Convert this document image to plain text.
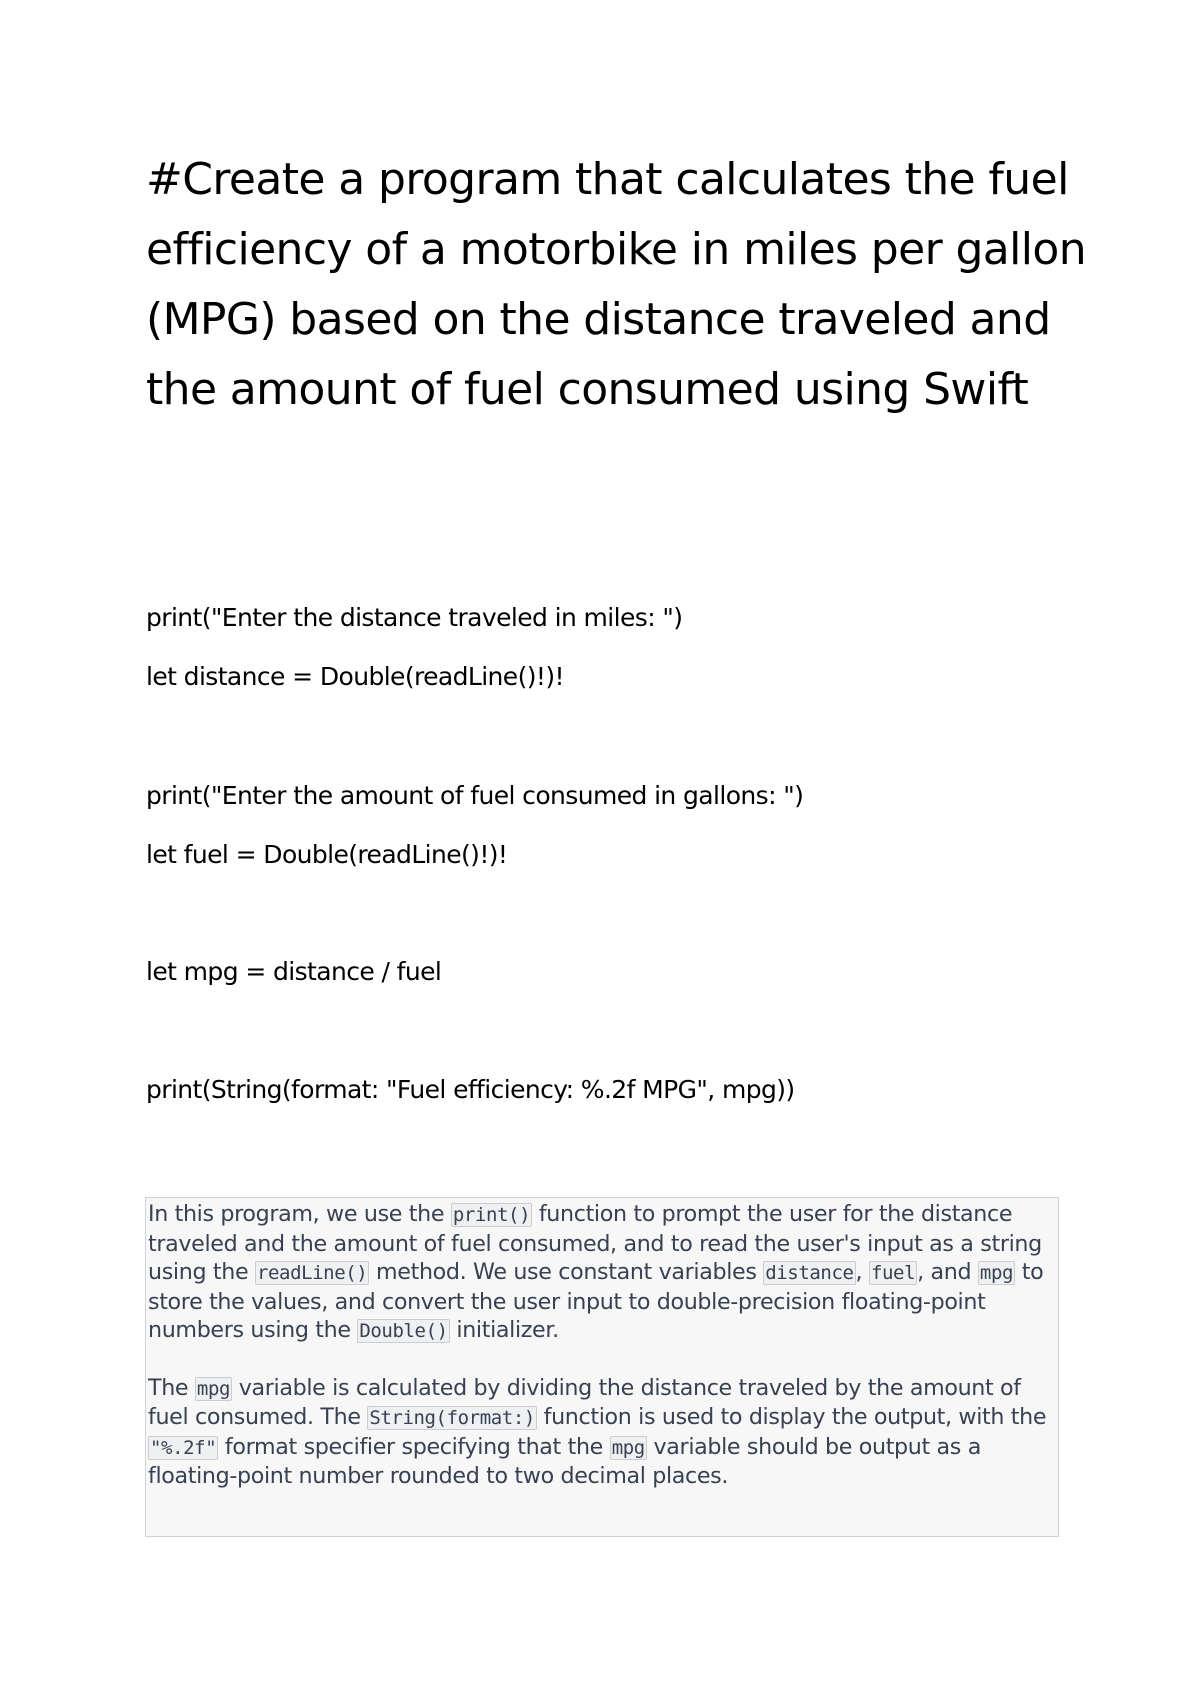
#Create a program that calculates the fuel efficiency of a motorbike in miles per gallon (MPG) based on the distance traveled and the amount of fuel consumed using Swift

print("Enter the distance traveled in miles: ")

let distance = Double(readLine()!)!

print("Enter the amount of fuel consumed in gallons: ")

let fuel = Double(readLine()!)!

let mpg = distance / fuel

print(String(format: "Fuel efficiency: %.2f MPG", mpg))

In this program, we use the print() function to prompt the user for the distance traveled and the amount of fuel consumed, and to read the user's input as a string using the readLine() method. We use constant variables distance, fuel, and mpg to store the values, and convert the user input to double-precision floating-point numbers using the Double() initializer.

The mpg variable is calculated by dividing the distance traveled by the amount of fuel consumed. The String(format:) function is used to display the output, with the "%.2f" format specifier specifying that the mpg variable should be output as a floating-point number rounded to two decimal places.
